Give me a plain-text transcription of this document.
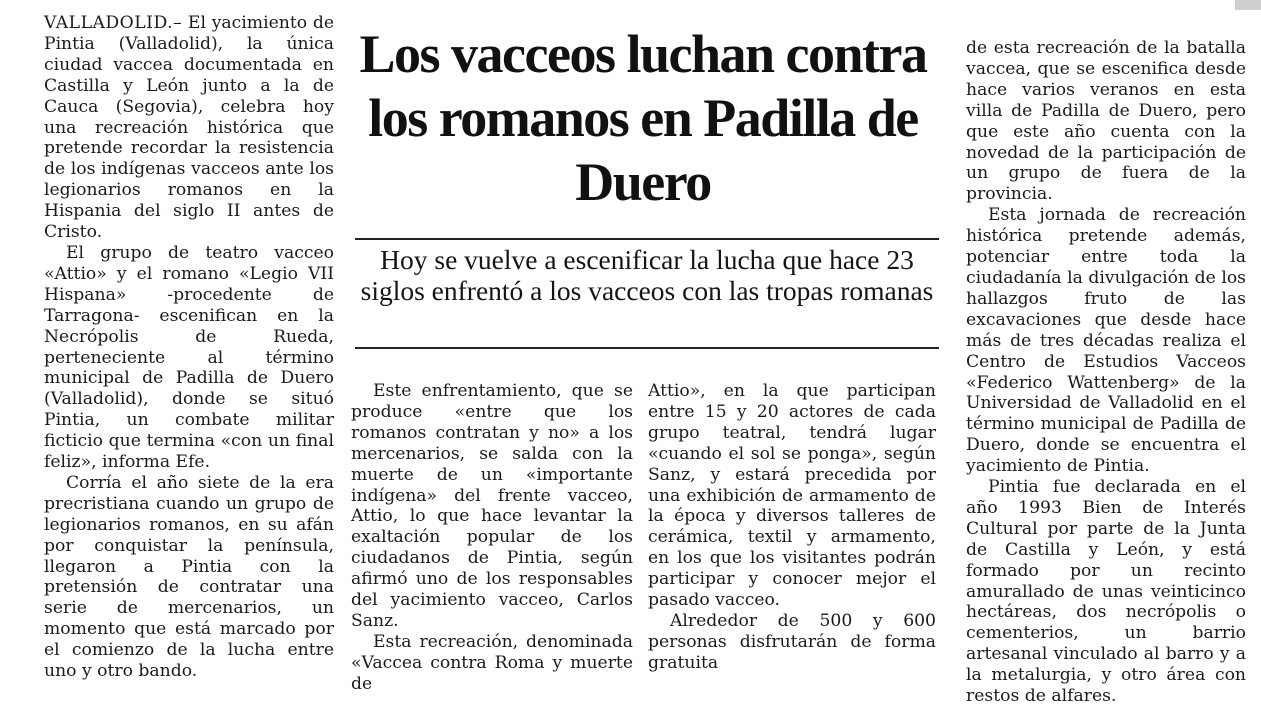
VALLADOLID.– El yacimiento de Pintia (Valladolid), la única ciudad vaccea documentada en Castilla y León junto a la de Cauca (Segovia), celebra hoy una recreación histórica que pretende recordar la resistencia de los indígenas vacceos ante los legionarios romanos en la Hispania del siglo II antes de Cristo.

El grupo de teatro vacceo «Attio» y el romano «Legio VII Hispana» -procedente de Tarragona- escenifican en la Necrópolis de Rueda, perteneciente al término municipal de Padilla de Duero (Valladolid), donde se situó Pintia, un combate militar ficticio que termina «con un final feliz», informa Efe.

Corría el año siete de la era precristiana cuando un grupo de legionarios romanos, en su afán por conquistar la península, llegaron a Pintia con la pretensión de contratar una serie de mercenarios, un momento que está marcado por el comienzo de la lucha entre uno y otro bando.

Los vacceos luchan contra los romanos en Padilla de Duero

Hoy se vuelve a escenificar la lucha que hace 23 siglos enfrentó a los vacceos con las tropas romanas

Este enfrentamiento, que se produce «entre que los romanos contratan y no» a los mercenarios, se salda con la muerte de un «importante indígena» del frente vacceo, Attio, lo que hace levantar la exaltación popular de los ciudadanos de Pintia, según afirmó uno de los responsables del yacimiento vacceo, Carlos Sanz.

Esta recreación, denominada «Vaccea contra Roma y muerte de

Attio», en la que participan entre 15 y 20 actores de cada grupo teatral, tendrá lugar «cuando el sol se ponga», según Sanz, y estará precedida por una exhibición de armamento de la época y diversos talleres de cerámica, textil y armamento, en los que los visitantes podrán participar y conocer mejor el pasado vacceo.

Alrededor de 500 y 600 personas disfrutarán de forma gratuita

de esta recreación de la batalla vaccea, que se escenifica desde hace varios veranos en esta villa de Padilla de Duero, pero que este año cuenta con la novedad de la participación de un grupo de fuera de la provincia.

Esta jornada de recreación histórica pretende además, potenciar entre toda la ciudadanía la divulgación de los hallazgos fruto de las excavaciones que desde hace más de tres décadas realiza el Centro de Estudios Vacceos «Federico Wattenberg» de la Universidad de Valladolid en el término municipal de Padilla de Duero, donde se encuentra el yacimiento de Pintia.

Pintia fue declarada en el año 1993 Bien de Interés Cultural por parte de la Junta de Castilla y León, y está formado por un recinto amurallado de unas veinticinco hectáreas, dos necrópolis o cementerios, un barrio artesanal vinculado al barro y a la metalurgia, y otro área con restos de alfares.
